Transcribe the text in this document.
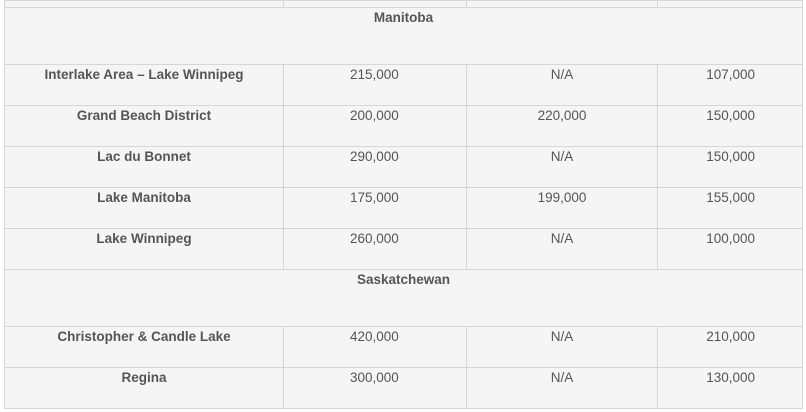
Manitoba			

Interlake Area – Lake Winnipeg	215,000	N/A	107,000

Grand Beach District	200,000	220,000	150,000

Lac du Bonnet	290,000	N/A	150,000

Lake Manitoba	175,000	199,000	155,000

Lake Winnipeg	260,000	N/A	100,000

Saskatchewan			

Christopher & Candle Lake	420,000	N/A	210,000

Regina	300,000	N/A	130,000
